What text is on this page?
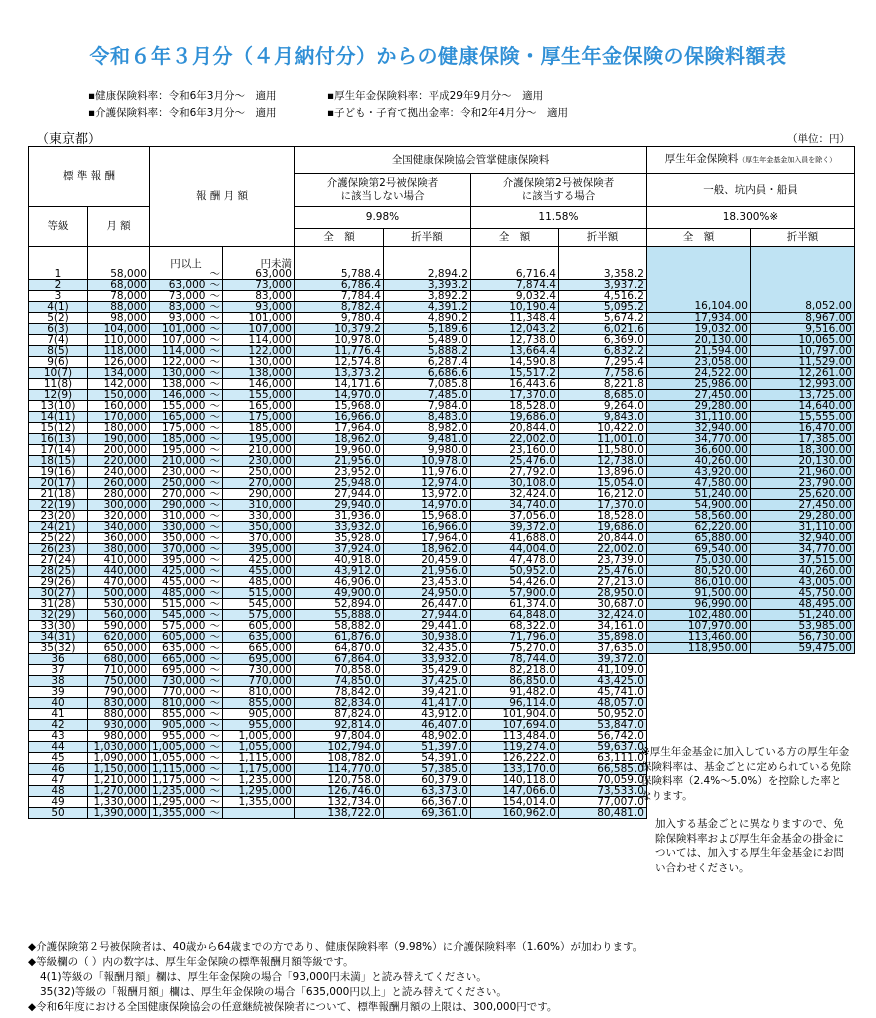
令和６年３月分（４月納付分）からの健康保険・厚生年金保険の保険料額表
▪健康保険料率：令和6年3月分～　適用
▪介護保険料率：令和6年3月分～　適用
▪厚生年金保険料率：平成29年9月分～　適用
▪子ども・子育て拠出金率：令和2年4月分～　適用
（東京都）	（単位：円）
標 準 報 酬		報 酬 月 額		全国健康保険協会管掌健康保険料				厚生年金保険料（厚生年金基金加入員を除く）	
				介護保険第2号被保険者
に該当しない場合		介護保険第2号被保険者
に該当する場合		一般、坑内員・船員	
等級	月 額			9.98%		11.58%		18.300%※	
				全　額	折半額	全　額	折半額	全　額	折半額
		円以上	円未満						
1	58,000	～	63,000	5,788.4	2,894.2	6,716.4	3,358.2		
2	68,000	63,000 ～	73,000	6,786.4	3,393.2	7,874.4	3,937.2		
3	78,000	73,000 ～	83,000	7,784.4	3,892.2	9,032.4	4,516.2		
4(1)	88,000	83,000 ～	93,000	8,782.4	4,391.2	10,190.4	5,095.2	16,104.00	8,052.00
5(2)	98,000	93,000 ～	101,000	9,780.4	4,890.2	11,348.4	5,674.2	17,934.00	8,967.00
6(3)	104,000	101,000 ～	107,000	10,379.2	5,189.6	12,043.2	6,021.6	19,032.00	9,516.00
7(4)	110,000	107,000 ～	114,000	10,978.0	5,489.0	12,738.0	6,369.0	20,130.00	10,065.00
8(5)	118,000	114,000 ～	122,000	11,776.4	5,888.2	13,664.4	6,832.2	21,594.00	10,797.00
9(6)	126,000	122,000 ～	130,000	12,574.8	6,287.4	14,590.8	7,295.4	23,058.00	11,529.00
10(7)	134,000	130,000 ～	138,000	13,373.2	6,686.6	15,517.2	7,758.6	24,522.00	12,261.00
11(8)	142,000	138,000 ～	146,000	14,171.6	7,085.8	16,443.6	8,221.8	25,986.00	12,993.00
12(9)	150,000	146,000 ～	155,000	14,970.0	7,485.0	17,370.0	8,685.0	27,450.00	13,725.00
13(10)	160,000	155,000 ～	165,000	15,968.0	7,984.0	18,528.0	9,264.0	29,280.00	14,640.00
14(11)	170,000	165,000 ～	175,000	16,966.0	8,483.0	19,686.0	9,843.0	31,110.00	15,555.00
15(12)	180,000	175,000 ～	185,000	17,964.0	8,982.0	20,844.0	10,422.0	32,940.00	16,470.00
16(13)	190,000	185,000 ～	195,000	18,962.0	9,481.0	22,002.0	11,001.0	34,770.00	17,385.00
17(14)	200,000	195,000 ～	210,000	19,960.0	9,980.0	23,160.0	11,580.0	36,600.00	18,300.00
18(15)	220,000	210,000 ～	230,000	21,956.0	10,978.0	25,476.0	12,738.0	40,260.00	20,130.00
19(16)	240,000	230,000 ～	250,000	23,952.0	11,976.0	27,792.0	13,896.0	43,920.00	21,960.00
20(17)	260,000	250,000 ～	270,000	25,948.0	12,974.0	30,108.0	15,054.0	47,580.00	23,790.00
21(18)	280,000	270,000 ～	290,000	27,944.0	13,972.0	32,424.0	16,212.0	51,240.00	25,620.00
22(19)	300,000	290,000 ～	310,000	29,940.0	14,970.0	34,740.0	17,370.0	54,900.00	27,450.00
23(20)	320,000	310,000 ～	330,000	31,936.0	15,968.0	37,056.0	18,528.0	58,560.00	29,280.00
24(21)	340,000	330,000 ～	350,000	33,932.0	16,966.0	39,372.0	19,686.0	62,220.00	31,110.00
25(22)	360,000	350,000 ～	370,000	35,928.0	17,964.0	41,688.0	20,844.0	65,880.00	32,940.00
26(23)	380,000	370,000 ～	395,000	37,924.0	18,962.0	44,004.0	22,002.0	69,540.00	34,770.00
27(24)	410,000	395,000 ～	425,000	40,918.0	20,459.0	47,478.0	23,739.0	75,030.00	37,515.00
28(25)	440,000	425,000 ～	455,000	43,912.0	21,956.0	50,952.0	25,476.0	80,520.00	40,260.00
29(26)	470,000	455,000 ～	485,000	46,906.0	23,453.0	54,426.0	27,213.0	86,010.00	43,005.00
30(27)	500,000	485,000 ～	515,000	49,900.0	24,950.0	57,900.0	28,950.0	91,500.00	45,750.00
31(28)	530,000	515,000 ～	545,000	52,894.0	26,447.0	61,374.0	30,687.0	96,990.00	48,495.00
32(29)	560,000	545,000 ～	575,000	55,888.0	27,944.0	64,848.0	32,424.0	102,480.00	51,240.00
33(30)	590,000	575,000 ～	605,000	58,882.0	29,441.0	68,322.0	34,161.0	107,970.00	53,985.00
34(31)	620,000	605,000 ～	635,000	61,876.0	30,938.0	71,796.0	35,898.0	113,460.00	56,730.00
35(32)	650,000	635,000 ～	665,000	64,870.0	32,435.0	75,270.0	37,635.0	118,950.00	59,475.00
36	680,000	665,000 ～	695,000	67,864.0	33,932.0	78,744.0	39,372.0		
37	710,000	695,000 ～	730,000	70,858.0	35,429.0	82,218.0	41,109.0		
38	750,000	730,000 ～	770,000	74,850.0	37,425.0	86,850.0	43,425.0		
39	790,000	770,000 ～	810,000	78,842.0	39,421.0	91,482.0	45,741.0		
40	830,000	810,000 ～	855,000	82,834.0	41,417.0	96,114.0	48,057.0		
41	880,000	855,000 ～	905,000	87,824.0	43,912.0	101,904.0	50,952.0		
42	930,000	905,000 ～	955,000	92,814.0	46,407.0	107,694.0	53,847.0		
43	980,000	955,000 ～	1,005,000	97,804.0	48,902.0	113,484.0	56,742.0		
44	1,030,000	1,005,000 ～	1,055,000	102,794.0	51,397.0	119,274.0	59,637.0		
45	1,090,000	1,055,000 ～	1,115,000	108,782.0	54,391.0	126,222.0	63,111.0		
46	1,150,000	1,115,000 ～	1,175,000	114,770.0	57,385.0	133,170.0	66,585.0		
47	1,210,000	1,175,000 ～	1,235,000	120,758.0	60,379.0	140,118.0	70,059.0		
48	1,270,000	1,235,000 ～	1,295,000	126,746.0	63,373.0	147,066.0	73,533.0		
49	1,330,000	1,295,000 ～	1,355,000	132,734.0	66,367.0	154,014.0	77,007.0		
50	1,390,000	1,355,000 ～		138,722.0	69,361.0	160,962.0	80,481.0		
※厚生年金基金に加入している方の厚生年金保険料率は、基金ごとに定められている免除保険料率（2.4%～5.0%）を控除した率となります。
加入する基金ごとに異なりますので、免除保険料率および厚生年金基金の掛金については、加入する厚生年金基金にお問い合わせください。
◆介護保険第２号被保険者は、40歳から64歳までの方であり、健康保険料率（9.98%）に介護保険料率（1.60%）が加わります。
◆等級欄の（ ）内の数字は、厚生年金保険の標準報酬月額等級です。
4(1)等級の「報酬月額」欄は、厚生年金保険の場合「93,000円未満」と読み替えてください。
35(32)等級の「報酬月額」欄は、厚生年金保険の場合「635,000円以上」と読み替えてください。
◆令和6年度における全国健康保険協会の任意継続被保険者について、標準報酬月額の上限は、300,000円です。
